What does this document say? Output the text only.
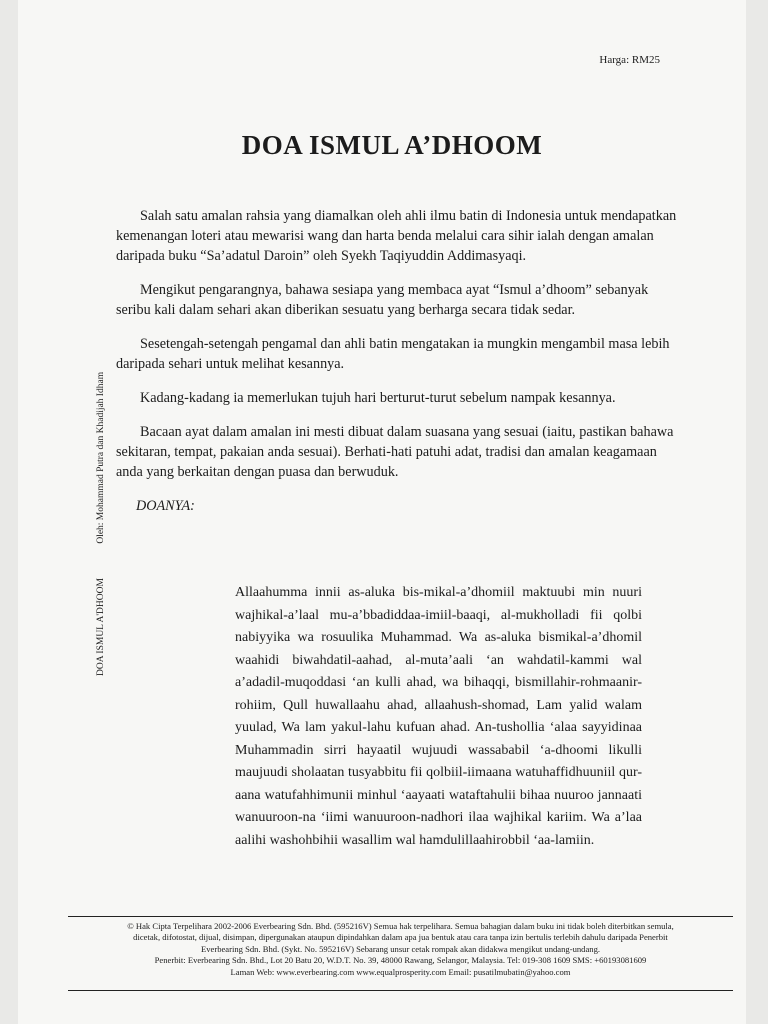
Harga: RM25
DOA ISMUL A’DHOOM
DOA ISMUL A'DHOOM Oleh: Mohammad Putra dan Khadijah Idham

Salah satu amalan rahsia yang diamalkan oleh ahli ilmu batin di Indonesia untuk mendapatkan kemenangan loteri atau mewarisi wang dan harta benda melalui cara sihir ialah dengan amalan daripada buku “Sa’adatul Daroin” oleh Syekh Taqiyuddin Addimasyaqi.

Mengikut pengarangnya, bahawa sesiapa yang membaca ayat “Ismul a’dhoom” sebanyak seribu kali dalam sehari akan diberikan sesuatu yang berharga secara tidak sedar.

Sesetengah-setengah pengamal dan ahli batin mengatakan ia mungkin mengambil masa lebih daripada sehari untuk melihat kesannya.

Kadang-kadang ia memerlukan tujuh hari berturut-turut sebelum nampak kesannya.

Bacaan ayat dalam amalan ini mesti dibuat dalam suasana yang sesuai (iaitu, pastikan bahawa sekitaran, tempat, pakaian anda sesuai). Berhati-hati patuhi adat, tradisi dan amalan keagamaan anda yang berkaitan dengan puasa dan berwuduk.

DOANYA:
Allaahumma innii as-aluka bis-mikal-a’dhomiil maktuubi min nuuri wajhikal-a’laal mu-a’bbadiddaa-imiil-baaqi, al-mukholladi fii qolbi nabiyyika wa rosuulika Muhammad. Wa as-aluka bismikal-a’dhomil waahidi biwahdatil-aahad, al-muta’aali ‘an wahdatil-kammi wal a’adadil-muqoddasi ‘an kulli ahad, wa bihaqqi, bismillahir-rohmaanir-rohiim, Qull huwallaahu ahad, allaahush-shomad, Lam yalid walam yuulad, Wa lam yakul-lahu kufuan ahad. An-tushollia ‘alaa sayyidinaa Muhammadin sirri hayaatil wujuudi wassababil ‘a-dhoomi likulli maujuudi sholaatan tusyabbitu fii qolbiil-iimaana watuhaffidhuuniil qur-aana watufahhimunii minhul ‘aayaati wataftahulii bihaa nuuroo jannaati wanuuroon-na ‘iimi wanuuroon-nadhori ilaa wajhikal kariim. Wa a’laa aalihi washohbihii wasallim wal hamdulillaahirobbil ‘aa-lamiin.
© Hak Cipta Terpelihara 2002-2006 Everbearing Sdn. Bhd. (595216V) Semua hak terpelihara. Semua bahagian dalam buku ini tidak boleh diterbitkan semula,
dicetak, difotostat, dijual, disimpan, dipergunakan ataupun dipindahkan dalam apa jua bentuk atau cara tanpa izin bertulis terlebih dahulu daripada Penerbit
Everbearing Sdn. Bhd. (Sykt. No. 595216V) Sebarang unsur cetak rompak akan didakwa mengikut undang-undang.
Penerbit: Everbearing Sdn. Bhd., Lot 20 Batu 20, W.D.T. No. 39, 48000 Rawang, Selangor, Malaysia. Tel: 019-308 1609 SMS: +60193081609
Laman Web: www.everbearing.com www.equalprosperity.com Email: pusatilmubatin@yahoo.com
